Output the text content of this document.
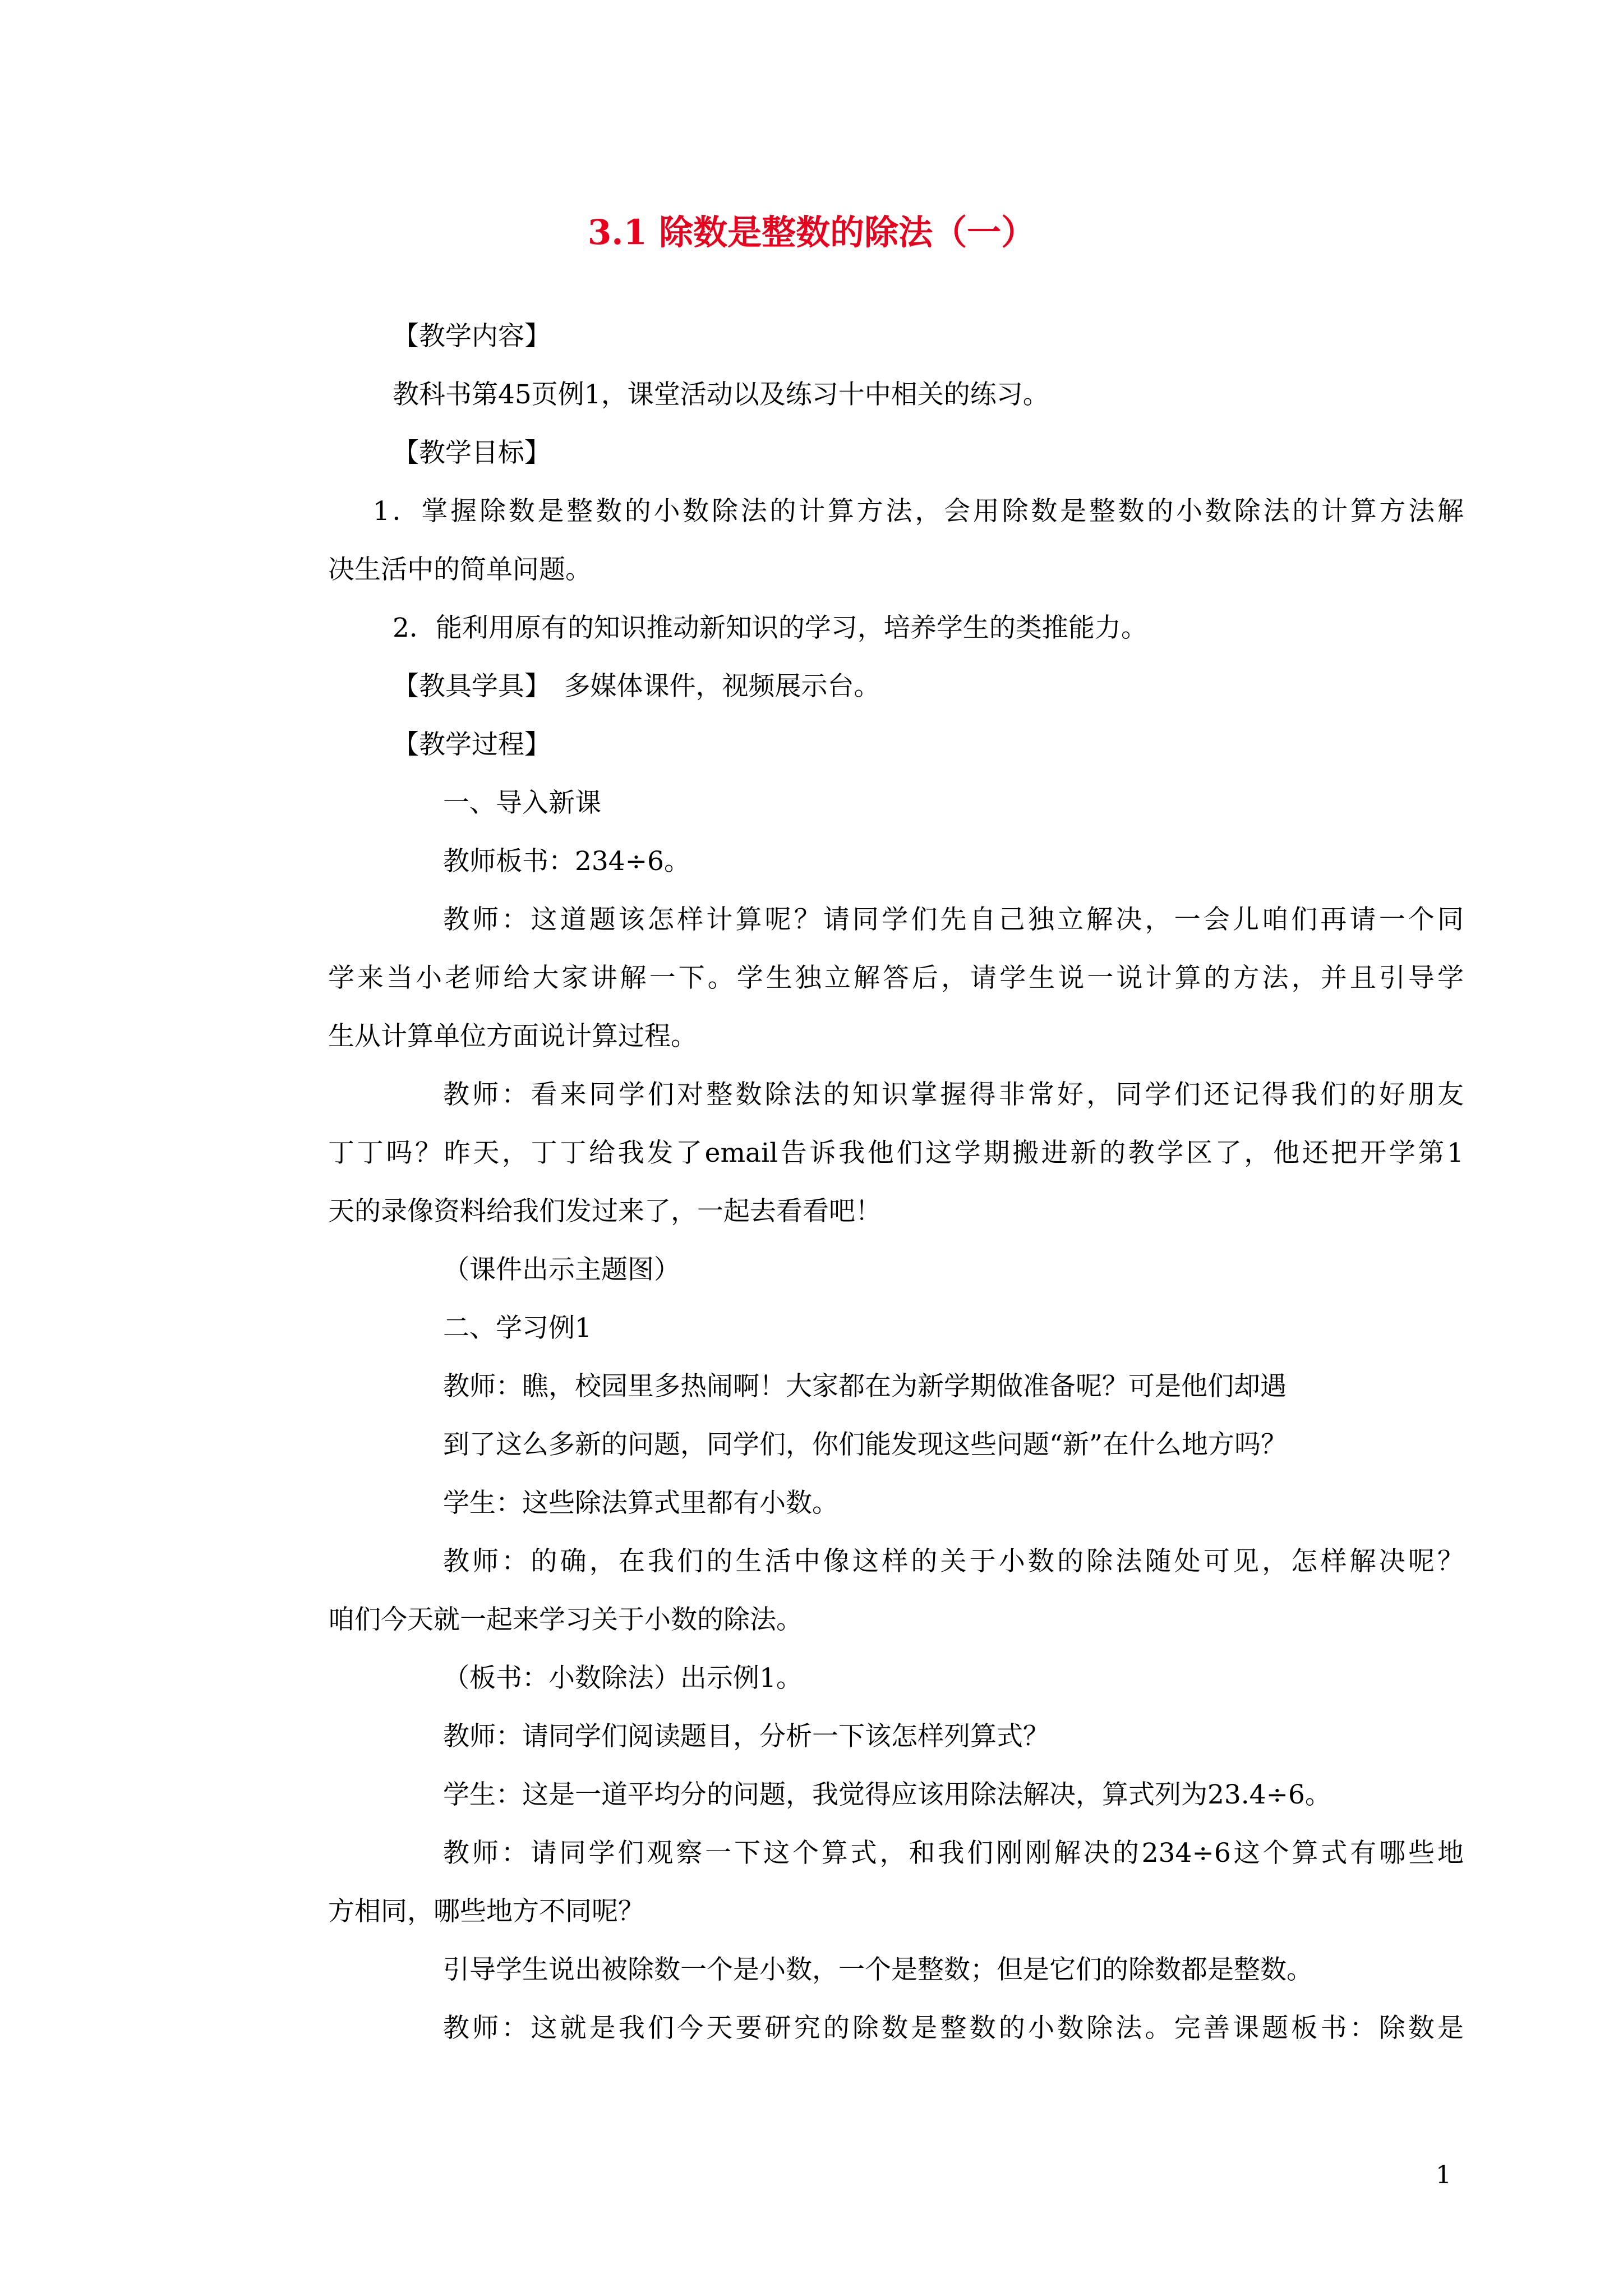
3.1 除数是整数的除法（一）
【教学内容】
教科书第45页例1，课堂活动以及练习十中相关的练习。
【教学目标】
1．掌握除数是整数的小数除法的计算方法，会用除数是整数的小数除法的计算方法解
决生活中的简单问题。
2．能利用原有的知识推动新知识的学习，培养学生的类推能力。
【教具学具】　多媒体课件，视频展示台。
【教学过程】
一、导入新课
教师板书：234÷6。
教师：这道题该怎样计算呢？请同学们先自己独立解决，一会儿咱们再请一个同
学来当小老师给大家讲解一下。学生独立解答后，请学生说一说计算的方法，并且引导学
生从计算单位方面说计算过程。
教师：看来同学们对整数除法的知识掌握得非常好，同学们还记得我们的好朋友
丁丁吗？昨天，丁丁给我发了email告诉我他们这学期搬进新的教学区了，他还把开学第1
天的录像资料给我们发过来了，一起去看看吧！
（课件出示主题图）
二、学习例1
教师：瞧，校园里多热闹啊！大家都在为新学期做准备呢？可是他们却遇
到了这么多新的问题，同学们，你们能发现这些问题“新”在什么地方吗？
学生：这些除法算式里都有小数。
教师：的确，在我们的生活中像这样的关于小数的除法随处可见，怎样解决呢？
咱们今天就一起来学习关于小数的除法。
（板书：小数除法）出示例1。
教师：请同学们阅读题目，分析一下该怎样列算式？
学生：这是一道平均分的问题，我觉得应该用除法解决，算式列为23.4÷6。
教师：请同学们观察一下这个算式，和我们刚刚解决的234÷6这个算式有哪些地
方相同，哪些地方不同呢？
引导学生说出被除数一个是小数，一个是整数；但是它们的除数都是整数。
教师：这就是我们今天要研究的除数是整数的小数除法。完善课题板书：除数是
1
